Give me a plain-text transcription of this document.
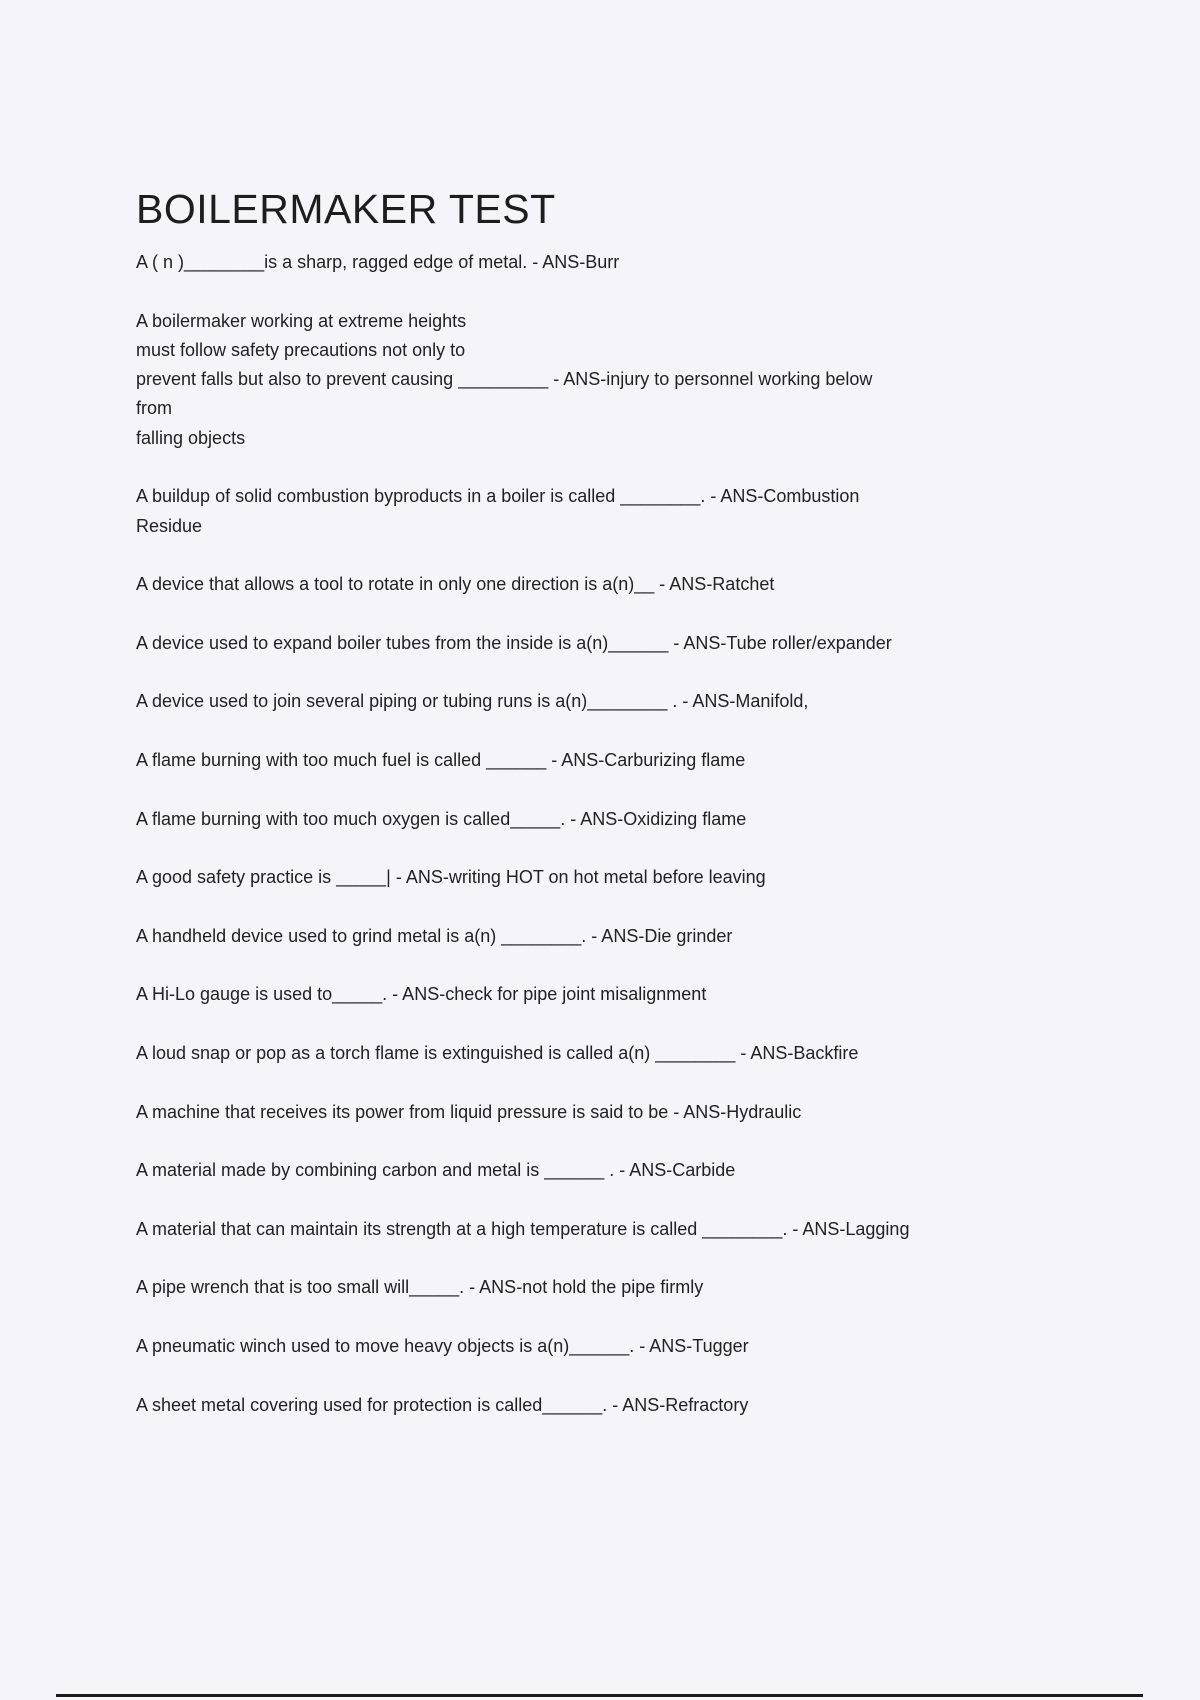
BOILERMAKER TEST

A ( n )________is a sharp, ragged edge of metal. - ANS-Burr

A boilermaker working at extreme heights
must follow safety precautions not only to
prevent falls but also to prevent causing _________ - ANS-injury to personnel working below
from
falling objects

A buildup of solid combustion byproducts in a boiler is called ________. - ANS-Combustion
Residue

A device that allows a tool to rotate in only one direction is a(n)__ - ANS-Ratchet

A device used to expand boiler tubes from the inside is a(n)______ - ANS-Tube roller/expander

A device used to join several piping or tubing runs is a(n)________ . - ANS-Manifold,

A flame burning with too much fuel is called ______ - ANS-Carburizing flame

A flame burning with too much oxygen is called_____. - ANS-Oxidizing flame

A good safety practice is _____| - ANS-writing HOT on hot metal before leaving

A handheld device used to grind metal is a(n) ________. - ANS-Die grinder

A Hi-Lo gauge is used to_____. - ANS-check for pipe joint misalignment

A loud snap or pop as a torch flame is extinguished is called a(n) ________ - ANS-Backfire

A machine that receives its power from liquid pressure is said to be - ANS-Hydraulic

A material made by combining carbon and metal is ______ . - ANS-Carbide

A material that can maintain its strength at a high temperature is called ________. - ANS-Lagging

A pipe wrench that is too small will_____. - ANS-not hold the pipe firmly

A pneumatic winch used to move heavy objects is a(n)______. - ANS-Tugger

A sheet metal covering used for protection is called______. - ANS-Refractory
